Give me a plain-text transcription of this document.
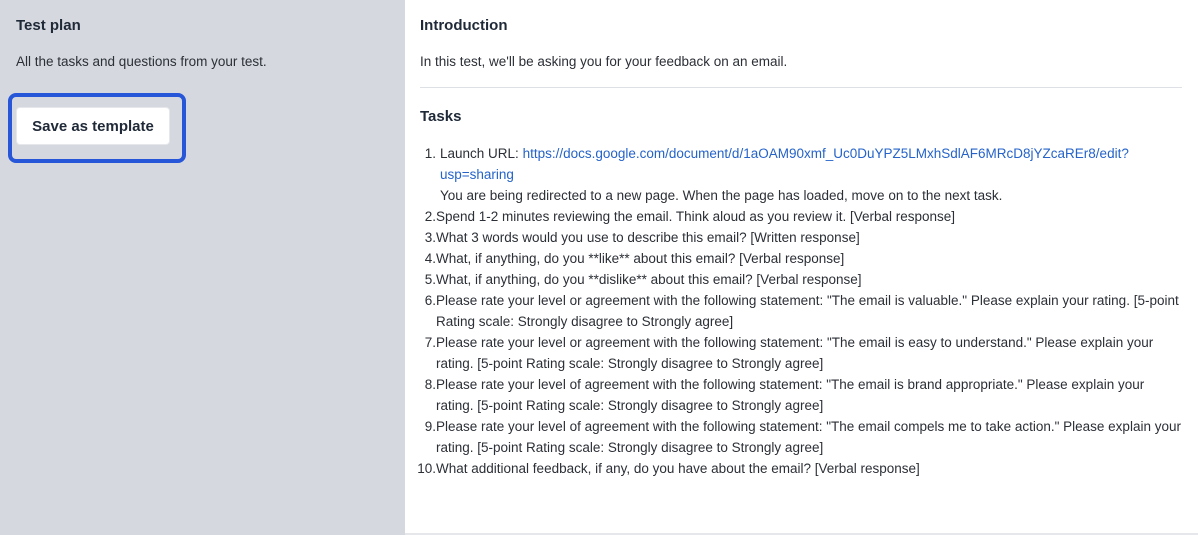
Test plan
All the tasks and questions from your test.
Save as template
Introduction
In this test, we'll be asking you for your feedback on an email.
Tasks
1. Launch URL: https://docs.google.com/document/d/1aOAM90xmf_Uc0DuYPZ5LMxhSdlAF6MRcD8jYZcaREr8/edit?usp=sharing
You are being redirected to a new page. When the page has loaded, move on to the next task.
2. Spend 1-2 minutes reviewing the email. Think aloud as you review it. [Verbal response]
3. What 3 words would you use to describe this email? [Written response]
4. What, if anything, do you **like** about this email? [Verbal response]
5. What, if anything, do you **dislike** about this email? [Verbal response]
6. Please rate your level or agreement with the following statement: "The email is valuable." Please explain your rating. [5-point Rating scale: Strongly disagree to Strongly agree]
7. Please rate your level or agreement with the following statement: "The email is easy to understand." Please explain your rating. [5-point Rating scale: Strongly disagree to Strongly agree]
8. Please rate your level of agreement with the following statement: "The email is brand appropriate." Please explain your rating. [5-point Rating scale: Strongly disagree to Strongly agree]
9. Please rate your level of agreement with the following statement: "The email compels me to take action." Please explain your rating. [5-point Rating scale: Strongly disagree to Strongly agree]
10. What additional feedback, if any, do you have about the email? [Verbal response]
